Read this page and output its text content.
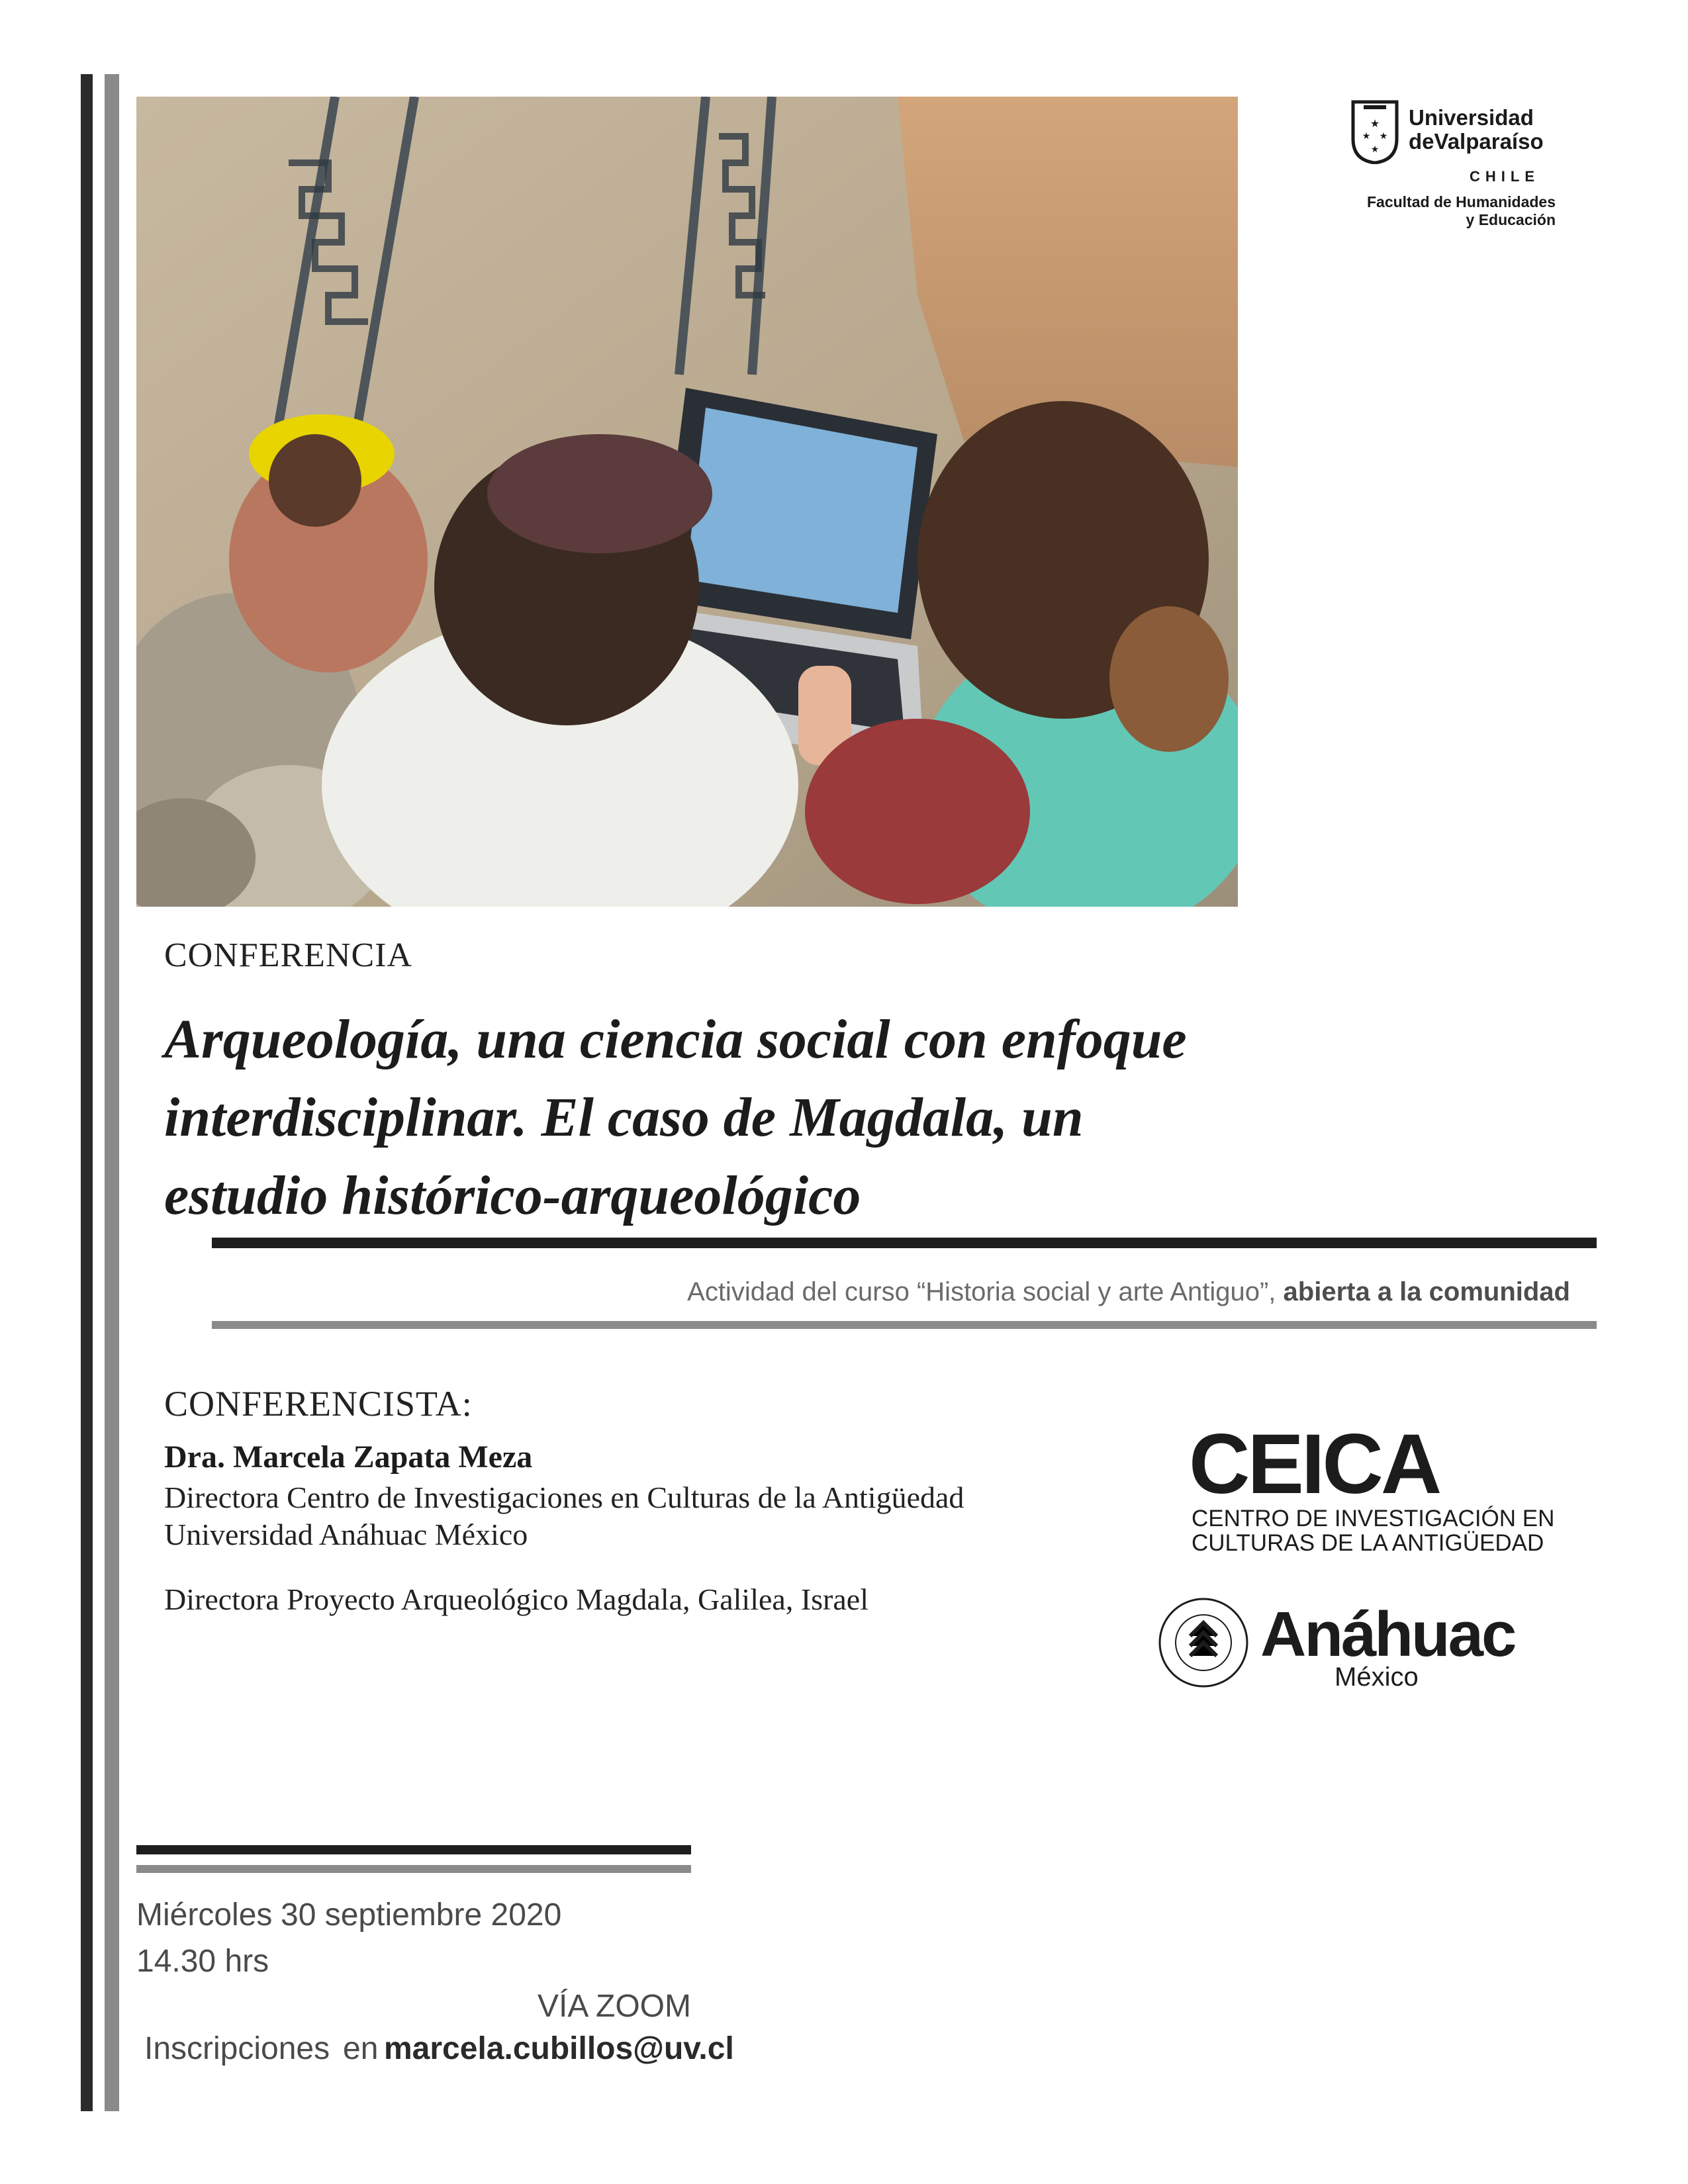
★
★ ★
★
Universidad
deValparaíso
CHILE
Facultad de Humanidades
y Educación
CONFERENCIA
Arqueología, una ciencia social con enfoque
interdisciplinar. El caso de Magdala, un
estudio histórico-arqueológico
Actividad del curso “Historia social y arte Antiguo”, abierta a la comunidad
CONFERENCISTA:
Dra. Marcela Zapata Meza
Directora Centro de Investigaciones en Culturas de la Antigüedad
Universidad Anáhuac México
Directora Proyecto Arqueológico Magdala, Galilea, Israel
CEICA
CENTRO DE INVESTIGACIÓN EN
CULTURAS DE LA ANTIGÜEDAD
Anáhuac
México
Miércoles 30 septiembre 2020
14.30 hrs
VÍA ZOOM
Inscripciones en marcela.cubillos@uv.cl
